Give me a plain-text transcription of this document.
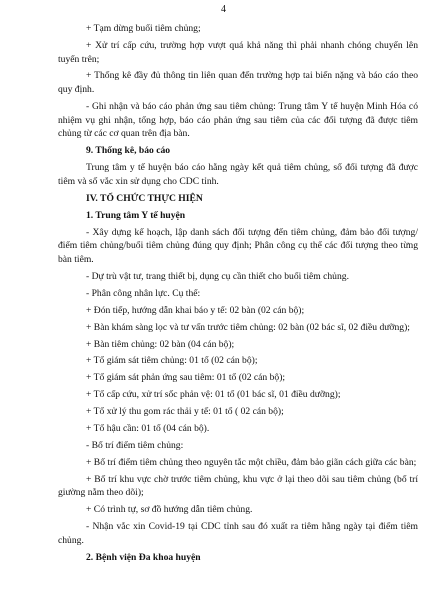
4

+ Tạm dừng buổi tiêm chủng;

+ Xử trí cấp cứu, trường hợp vượt quá khả năng thì phải nhanh chóng chuyển lên tuyến trên;

+ Thống kê đầy đủ thông tin liên quan đến trường hợp tai biến nặng và báo cáo theo quy định.

- Ghi nhận và báo cáo phản ứng sau tiêm chủng: Trung tâm Y tế huyện Minh Hóa có nhiệm vụ ghi nhận, tổng hợp, báo cáo phản ứng sau tiêm của các đối tượng đã được tiêm chủng từ các cơ quan trên địa bàn.

9. Thống kê, báo cáo

Trung tâm y tế huyện báo cáo hằng ngày kết quả tiêm chủng, số đối tượng đã được tiêm và số vắc xin sử dụng cho CDC tỉnh.

IV. TỔ CHỨC THỰC HIỆN

1. Trung tâm Y tế huyện

- Xây dựng kế hoạch, lập danh sách đối tượng đến tiêm chủng, đảm bảo đối tượng/điểm tiêm chủng/buổi tiêm chủng đúng quy định; Phân công cụ thể các đối tượng theo từng bàn tiêm.

- Dự trù vật tư, trang thiết bị, dụng cụ cần thiết cho buổi tiêm chủng.

- Phân công nhân lực. Cụ thể:

+ Đón tiếp, hướng dẫn khai báo y tế: 02 bàn (02 cán bộ);

+ Bàn khám sàng lọc và tư vấn trước tiêm chủng: 02 bàn (02 bác sĩ, 02 điều dưỡng);

+ Bàn tiêm chủng: 02 bàn (04 cán bộ);

+ Tổ giám sát tiêm chủng: 01 tổ (02 cán bộ);

+ Tổ giám sát phản ứng sau tiêm: 01 tổ (02 cán bộ);

+ Tổ cấp cứu, xử trí sốc phản vệ: 01 tổ (01 bác sĩ, 01 điều dưỡng);

+ Tổ xử lý thu gom rác thải y tế: 01 tổ ( 02 cán bộ);

+ Tổ hậu cần: 01 tổ (04 cán bộ).

- Bố trí điểm tiêm chủng:

+ Bố trí điểm tiêm chủng theo nguyên tắc một chiều, đảm bảo giãn cách giữa các bàn;

+ Bố trí khu vực chờ trước tiêm chủng, khu vực ở lại theo dõi sau tiêm chủng (bố trí giường nằm theo dõi);

+ Có trình tự, sơ đồ hướng dẫn tiêm chủng.

- Nhận vắc xin Covid-19 tại CDC tỉnh sau đó xuất ra tiêm hằng ngày tại điểm tiêm chủng.

2. Bệnh viện Đa khoa huyện
